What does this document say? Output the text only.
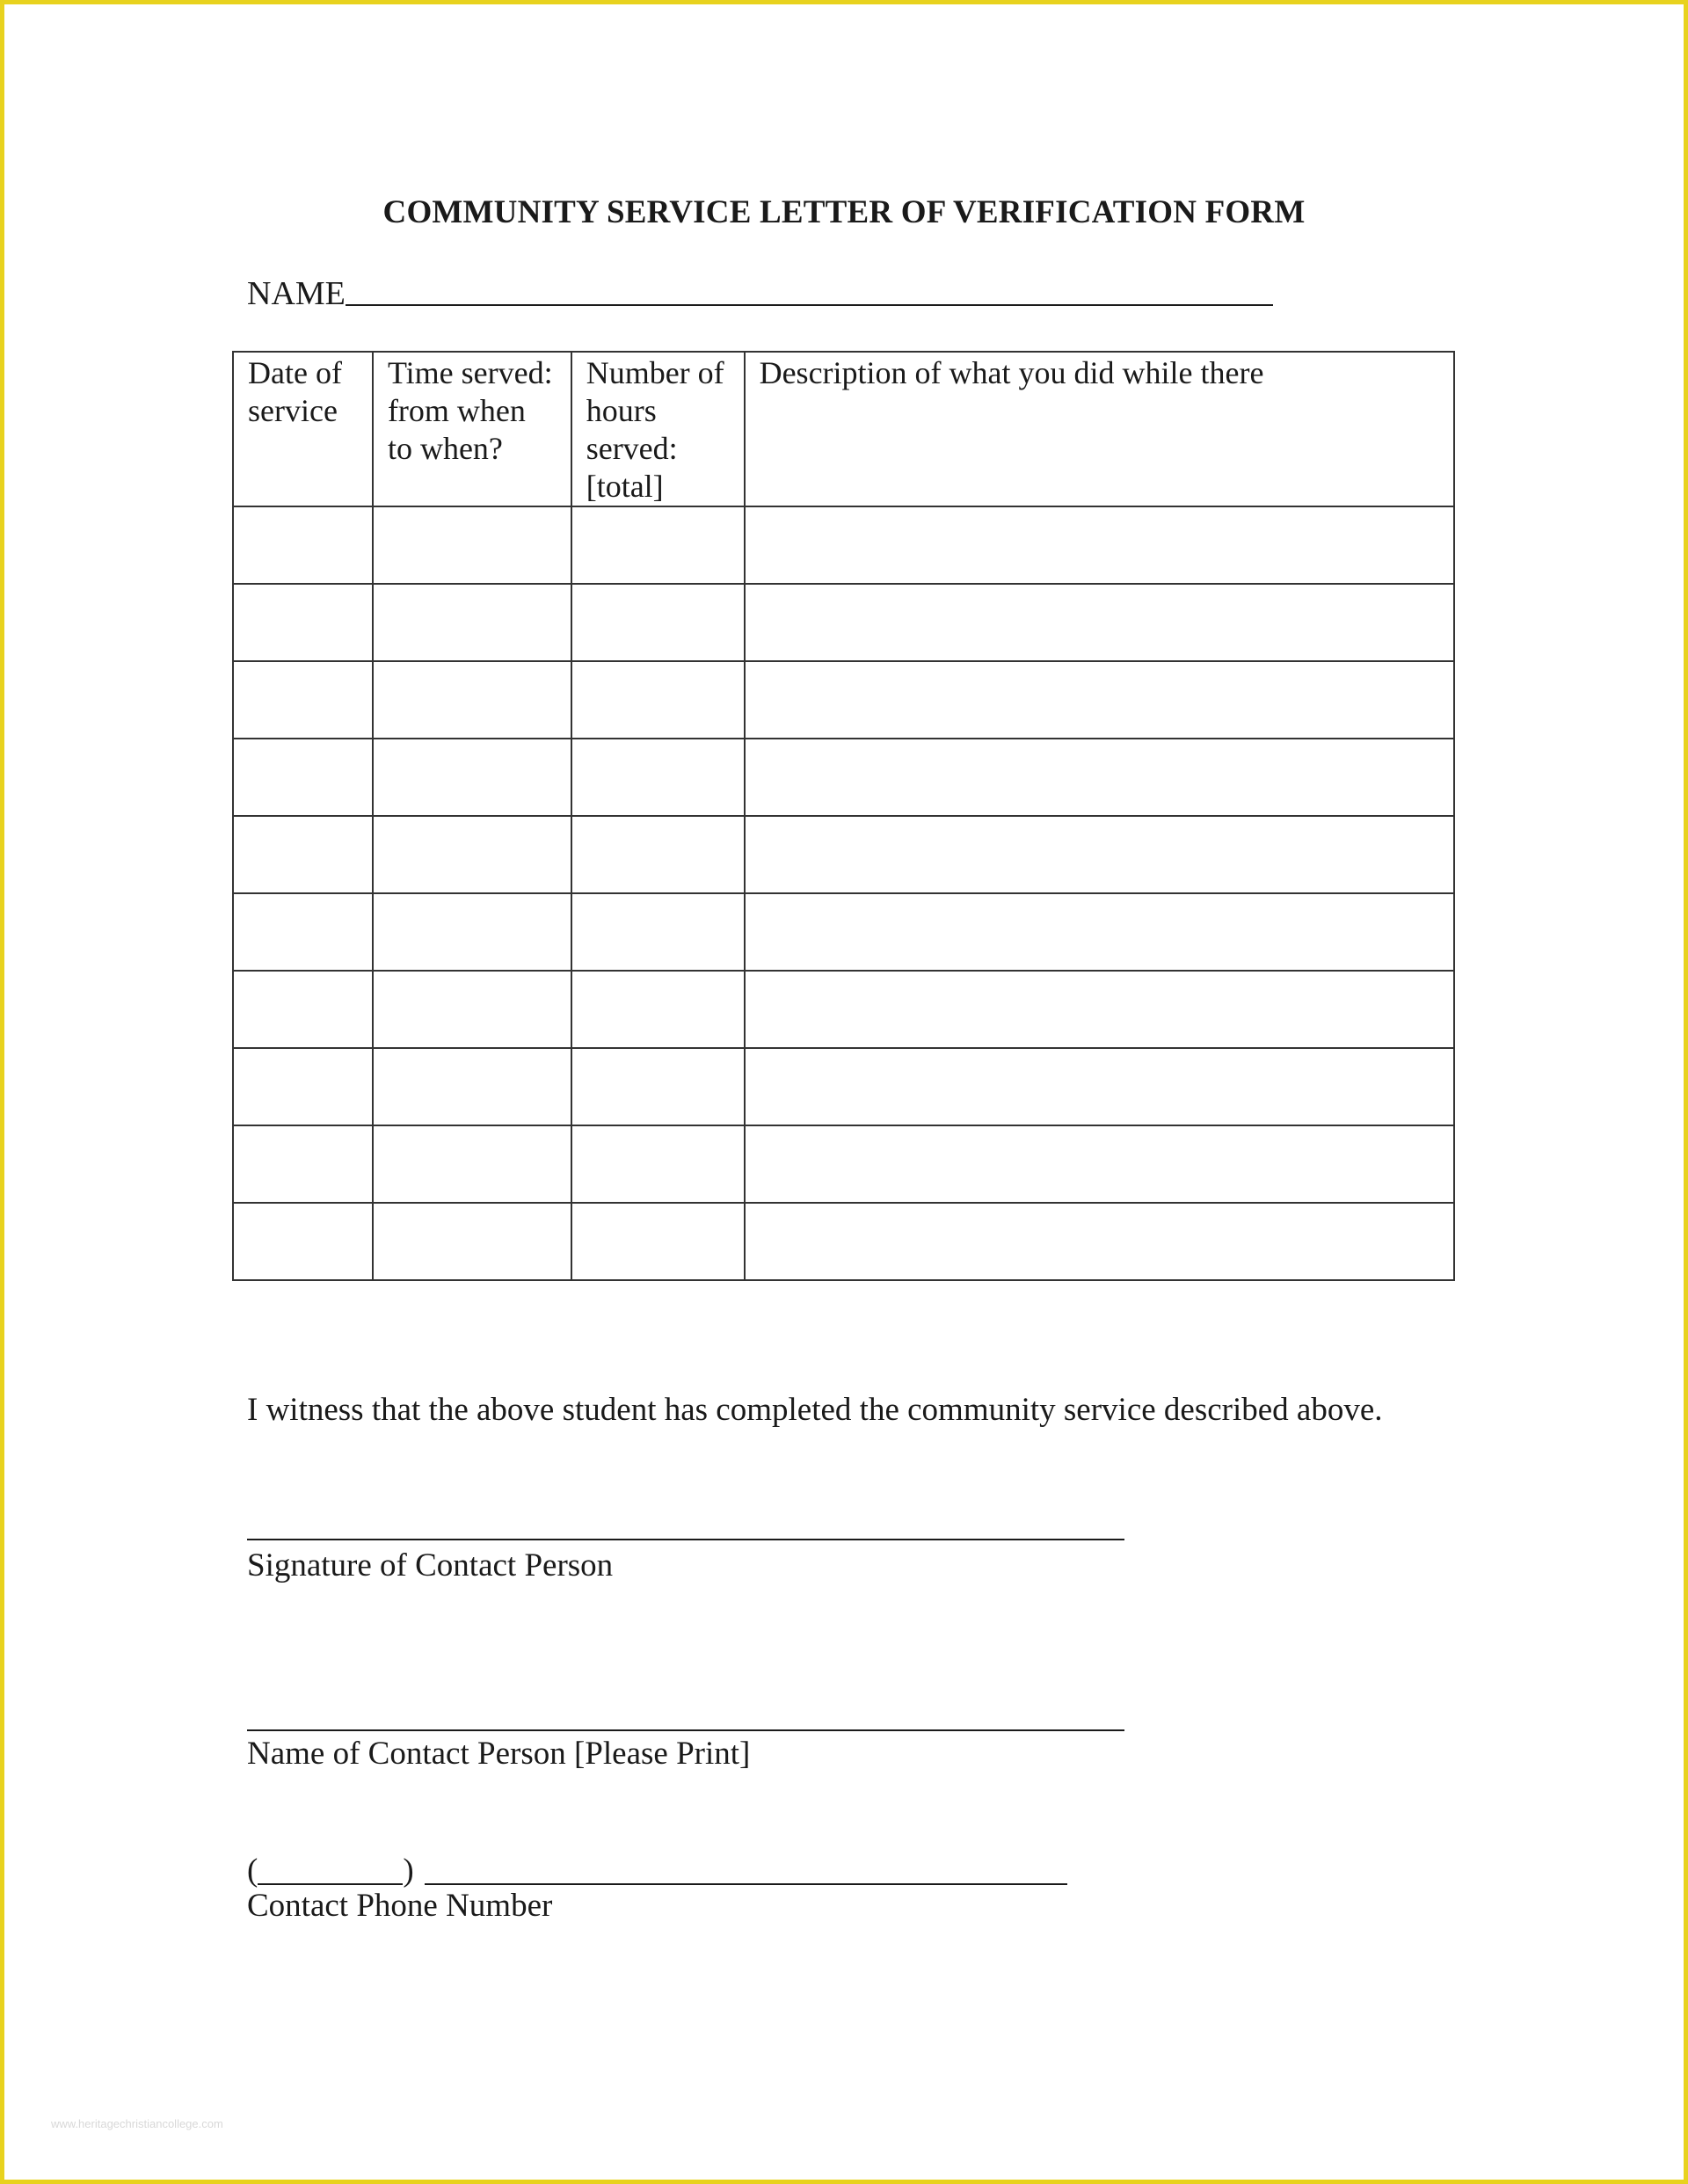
COMMUNITY SERVICE LETTER OF VERIFICATION FORM
NAME
Date of service	Time served: from when to when?	Number of hours served: [total]	Description of what you did while there

I witness that the above student has completed the community service described above.
Signature of Contact Person
Name of Contact Person [Please Print]
(	)
Contact Phone Number
www.heritagechristiancollege.com
